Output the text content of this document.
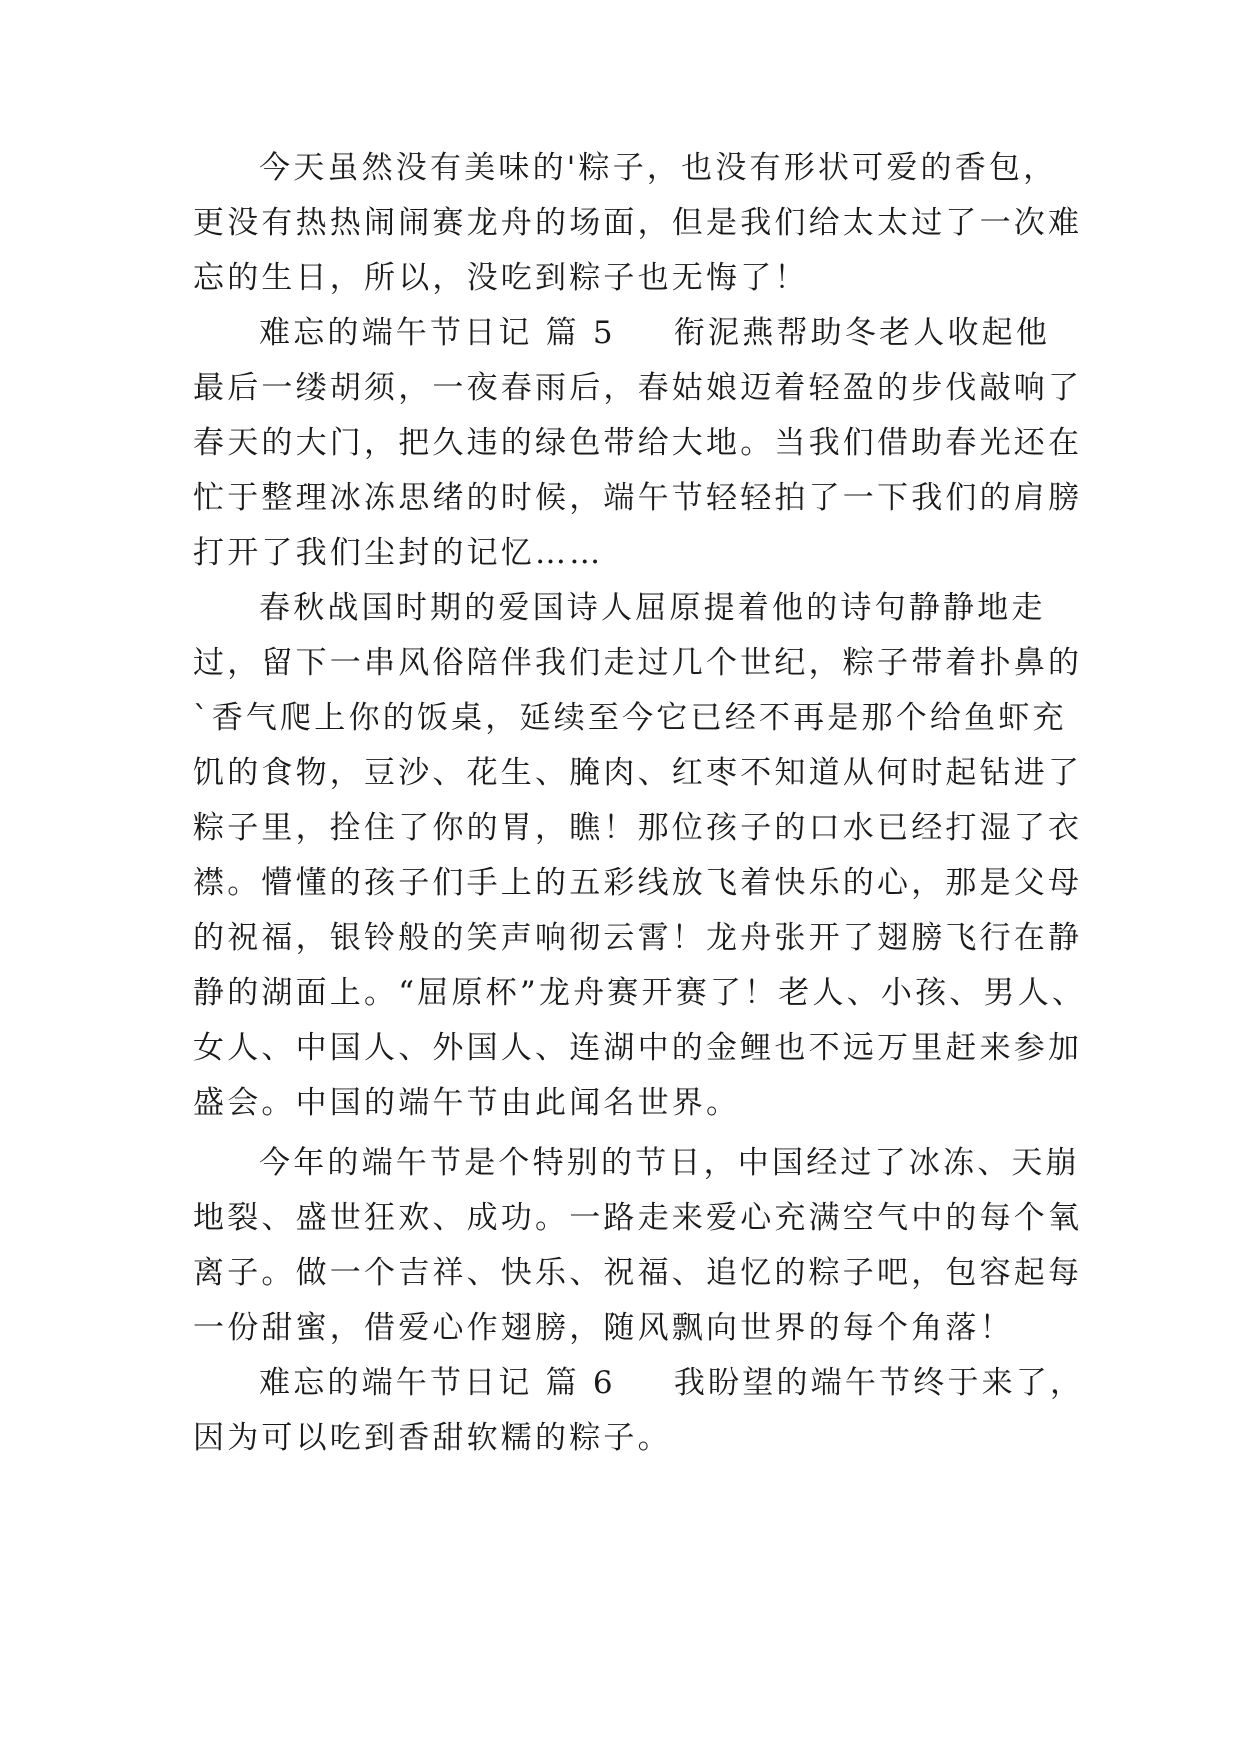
今天虽然没有美味的'粽子，也没有形状可爱的香包，
更没有热热闹闹赛龙舟的场面，但是我们给太太过了一次难
忘的生日，所以，没吃到粽子也无悔了！
难忘的端午节日记 篇 5 衔泥燕帮助冬老人收起他
最后一缕胡须，一夜春雨后，春姑娘迈着轻盈的步伐敲响了
春天的大门，把久违的绿色带给大地。当我们借助春光还在
忙于整理冰冻思绪的时候，端午节轻轻拍了一下我们的肩膀
打开了我们尘封的记忆……
春秋战国时期的爱国诗人屈原提着他的诗句静静地走
过，留下一串风俗陪伴我们走过几个世纪，粽子带着扑鼻的
`香气爬上你的饭桌，延续至今它已经不再是那个给鱼虾充
饥的食物，豆沙、花生、腌肉、红枣不知道从何时起钻进了
粽子里，拴住了你的胃，瞧！那位孩子的口水已经打湿了衣
襟。懵懂的孩子们手上的五彩线放飞着快乐的心，那是父母
的祝福，银铃般的笑声响彻云霄！龙舟张开了翅膀飞行在静
静的湖面上。“屈原杯”龙舟赛开赛了！老人、小孩、男人、
女人、中国人、外国人、连湖中的金鲤也不远万里赶来参加
盛会。中国的端午节由此闻名世界。
今年的端午节是个特别的节日，中国经过了冰冻、天崩
地裂、盛世狂欢、成功。一路走来爱心充满空气中的每个氧
离子。做一个吉祥、快乐、祝福、追忆的粽子吧，包容起每
一份甜蜜，借爱心作翅膀，随风飘向世界的每个角落！
难忘的端午节日记 篇 6 我盼望的端午节终于来了，
因为可以吃到香甜软糯的粽子。
